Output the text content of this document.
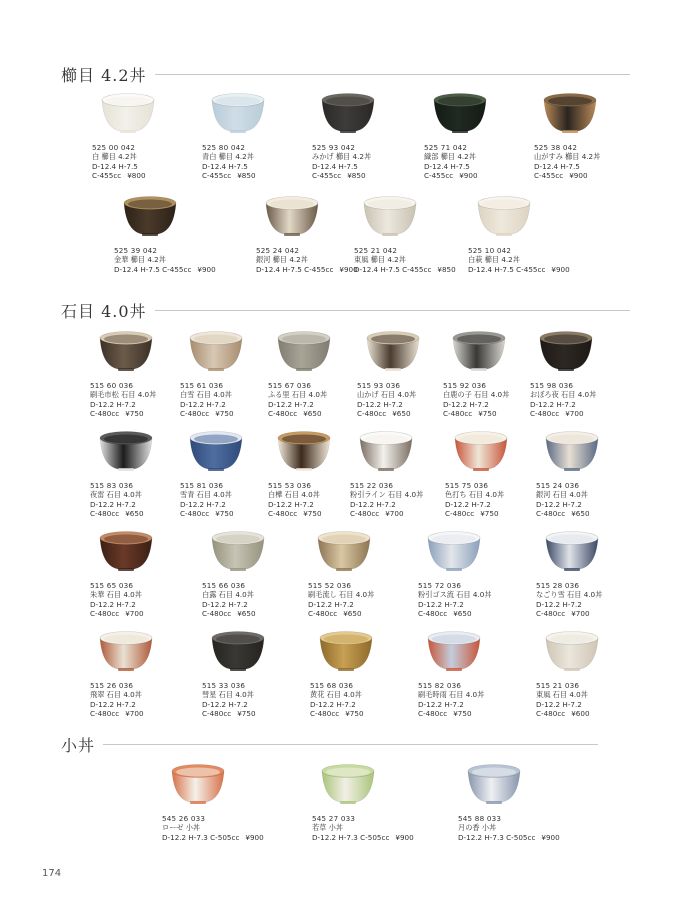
櫛目 4.2丼
石目 4.0丼
小丼
525 00 042
白 櫛目 4.2丼
D-12.4 H-7.5
C-455cc ¥800
525 80 042
青白 櫛目 4.2丼
D-12.4 H-7.5
C-455cc ¥850
525 93 042
みかげ 櫛目 4.2丼
D-12.4 H-7.5
C-455cc ¥850
525 71 042
織部 櫛目 4.2丼
D-12.4 H-7.5
C-455cc ¥900
525 38 042
山がすみ 櫛目 4.2丼
D-12.4 H-7.5
C-455cc ¥900
525 39 042
金華 櫛目 4.2丼
D-12.4 H-7.5 C-455cc ¥900
525 24 042
銀河 櫛目 4.2丼
D-12.4 H-7.5 C-455cc ¥900
525 21 042
東風 櫛目 4.2丼
D-12.4 H-7.5 C-455cc ¥850
525 10 042
白萩 櫛目 4.2丼
D-12.4 H-7.5 C-455cc ¥900
515 60 036
刷毛市松 石目 4.0丼
D-12.2 H-7.2
C-480cc ¥750
515 61 036
白雪 石目 4.0丼
D-12.2 H-7.2
C-480cc ¥750
515 67 036
ふる里 石目 4.0丼
D-12.2 H-7.2
C-480cc ¥650
515 93 036
山かげ 石目 4.0丼
D-12.2 H-7.2
C-480cc ¥650
515 92 036
白鹿の子 石目 4.0丼
D-12.2 H-7.2
C-480cc ¥750
515 98 036
おぼろ夜 石目 4.0丼
D-12.2 H-7.2
C-480cc ¥700
515 83 036
夜雷 石目 4.0丼
D-12.2 H-7.2
C-480cc ¥650
515 81 036
雪青 石目 4.0丼
D-12.2 H-7.2
C-480cc ¥750
515 53 036
白樺 石目 4.0丼
D-12.2 H-7.2
C-480cc ¥750
515 22 036
粉引ライン 石目 4.0丼
D-12.2 H-7.2
C-480cc ¥700
515 75 036
色打ち 石目 4.0丼
D-12.2 H-7.2
C-480cc ¥750
515 24 036
銀河 石目 4.0丼
D-12.2 H-7.2
C-480cc ¥650
515 65 036
朱華 石目 4.0丼
D-12.2 H-7.2
C-480cc ¥700
515 66 036
白露 石目 4.0丼
D-12.2 H-7.2
C-480cc ¥650
515 52 036
刷毛流し 石目 4.0丼
D-12.2 H-7.2
C-480cc ¥650
515 72 036
粉引ゴス流 石目 4.0丼
D-12.2 H-7.2
C-480cc ¥650
515 28 036
なごり雪 石目 4.0丼
D-12.2 H-7.2
C-480cc ¥700
515 26 036
飛翠 石目 4.0丼
D-12.2 H-7.2
C-480cc ¥700
515 33 036
彗星 石目 4.0丼
D-12.2 H-7.2
C-480cc ¥750
515 68 036
黄花 石目 4.0丼
D-12.2 H-7.2
C-480cc ¥750
515 82 036
刷毛時雨 石目 4.0丼
D-12.2 H-7.2
C-480cc ¥750
515 21 036
東風 石目 4.0丼
D-12.2 H-7.2
C-480cc ¥600
545 26 033
ローゼ 小丼
D-12.2 H-7.3 C-505cc ¥900
545 27 033
若草 小丼
D-12.2 H-7.3 C-505cc ¥900
545 88 033
月の香 小丼
D-12.2 H-7.3 C-505cc ¥900
174
